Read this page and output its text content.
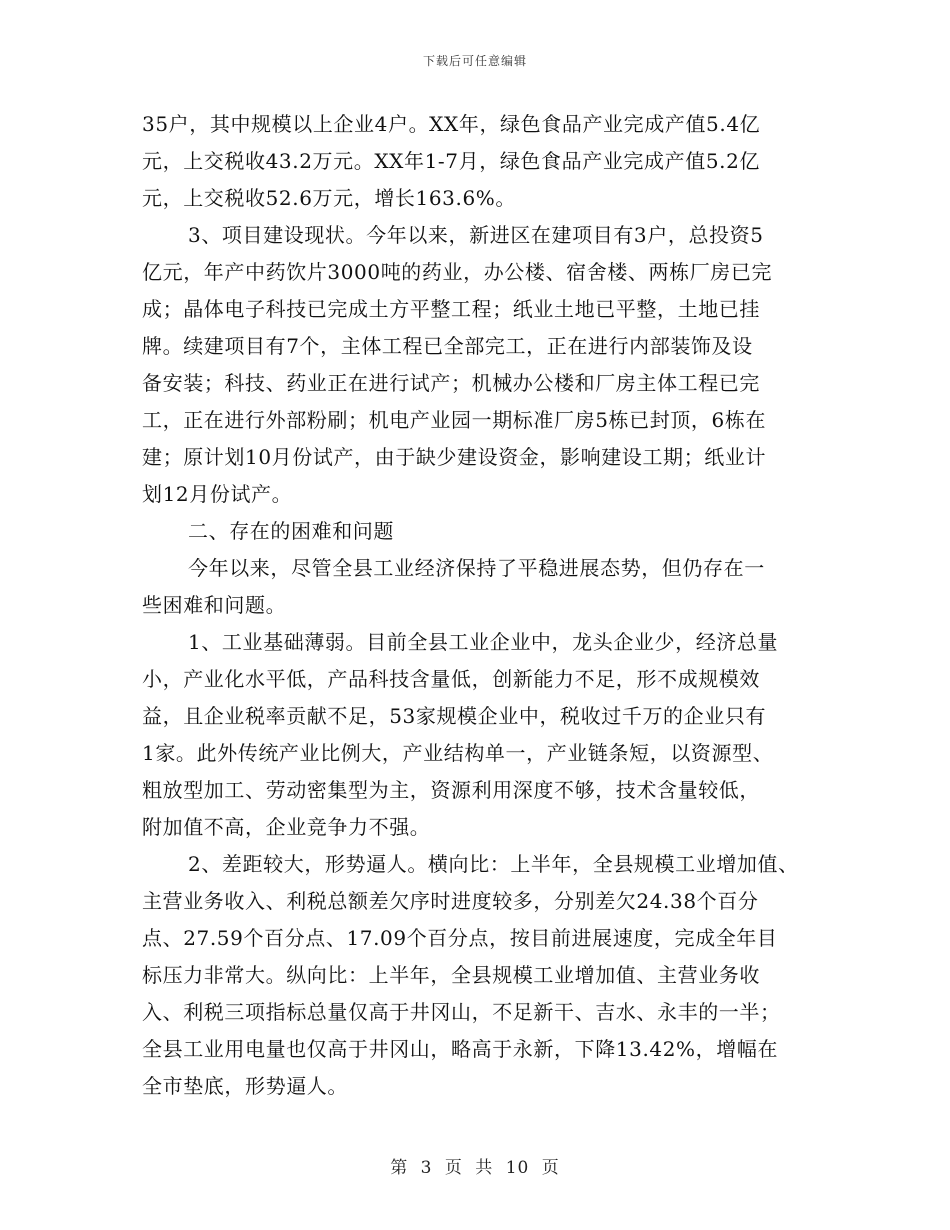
下载后可任意编辑
35户，其中规模以上企业4户。XX年，绿色食品产业完成产值5.4亿
元，上交税收43.2万元。XX年1-7月，绿色食品产业完成产值5.2亿
元，上交税收52.6万元，增长163.6%。
3、项目建设现状。今年以来，新进区在建项目有3户，总投资5
亿元，年产中药饮片3000吨的药业，办公楼、宿舍楼、两栋厂房已完
成；晶体电子科技已完成土方平整工程；纸业土地已平整，土地已挂
牌。续建项目有7个，主体工程已全部完工，正在进行内部装饰及设
备安装；科技、药业正在进行试产；机械办公楼和厂房主体工程已完
工，正在进行外部粉刷；机电产业园一期标准厂房5栋已封顶，6栋在
建；原计划10月份试产，由于缺少建设资金，影响建设工期；纸业计
划12月份试产。
二、存在的困难和问题
今年以来，尽管全县工业经济保持了平稳进展态势，但仍存在一
些困难和问题。
1、工业基础薄弱。目前全县工业企业中，龙头企业少，经济总量
小，产业化水平低，产品科技含量低，创新能力不足，形不成规模效
益，且企业税率贡献不足，53家规模企业中，税收过千万的企业只有
1家。此外传统产业比例大，产业结构单一，产业链条短，以资源型、
粗放型加工、劳动密集型为主，资源利用深度不够，技术含量较低，
附加值不高，企业竞争力不强。
2、差距较大，形势逼人。横向比：上半年，全县规模工业增加值、
主营业务收入、利税总额差欠序时进度较多，分别差欠24.38个百分
点、27.59个百分点、17.09个百分点，按目前进展速度，完成全年目
标压力非常大。纵向比：上半年，全县规模工业增加值、主营业务收
入、利税三项指标总量仅高于井冈山，不足新干、吉水、永丰的一半；
全县工业用电量也仅高于井冈山，略高于永新，下降13.42%，增幅在
全市垫底，形势逼人。
第 3 页 共 10 页
